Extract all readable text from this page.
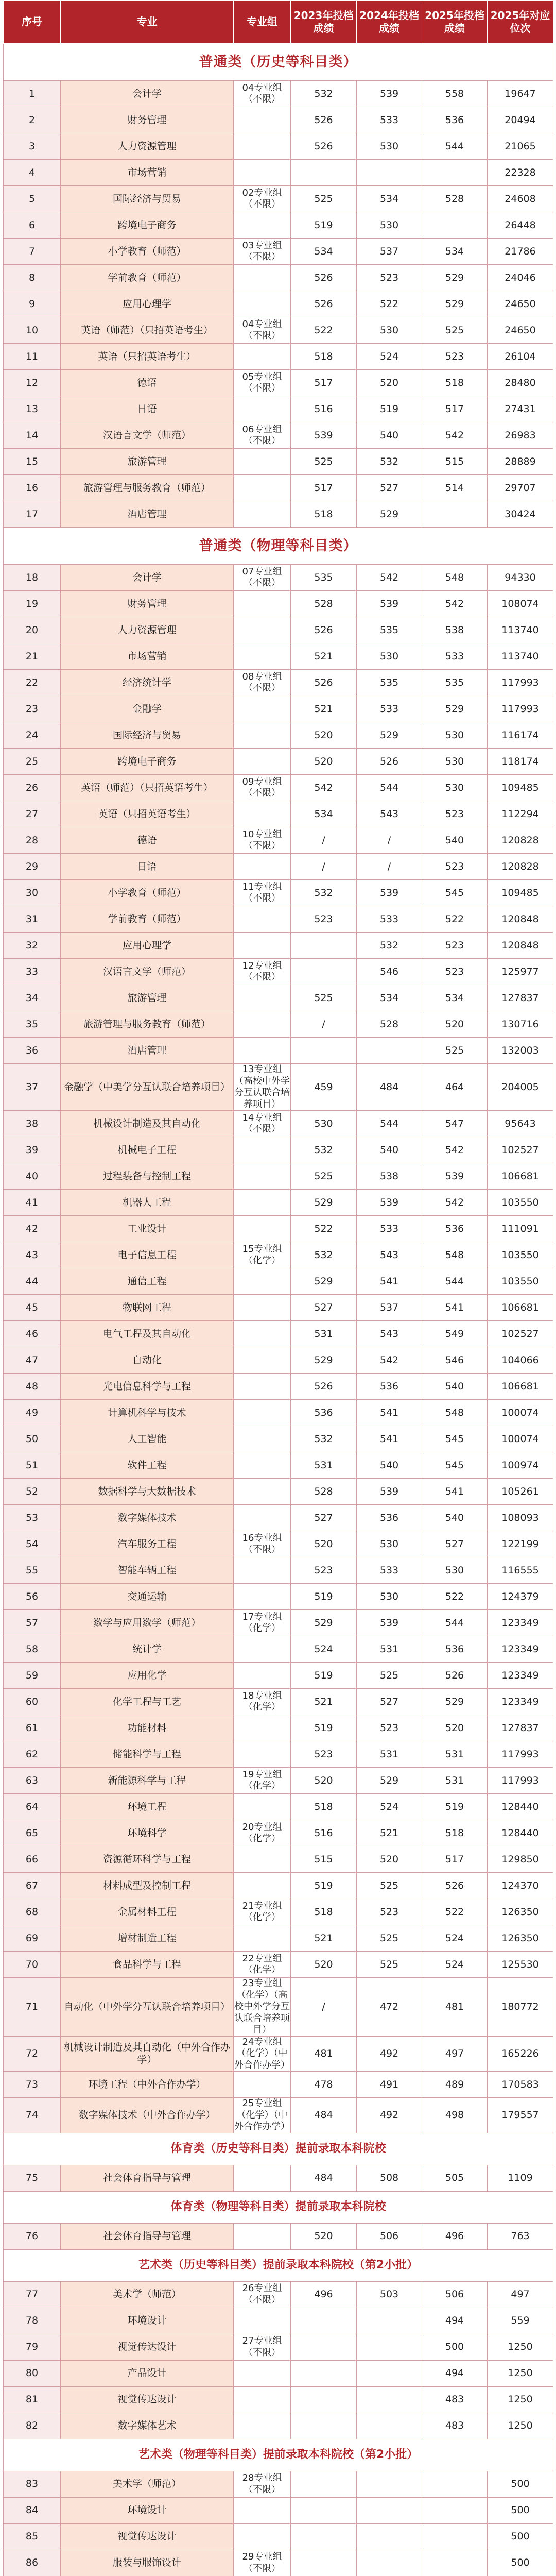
序号	专业	专业组	2023年投档成绩	2024年投档成绩	2025年投档成绩	2025年对应位次
普通类（历史等科目类）						
1	会计学	04专业组（不限）	532	539	558	19647
2	财务管理		526	533	536	20494
3	人力资源管理		526	530	544	21065
4	市场营销					22328
5	国际经济与贸易	02专业组（不限）	525	534	528	24608
6	跨境电子商务		519	530		26448
7	小学教育（师范）	03专业组（不限）	534	537	534	21786
8	学前教育（师范）		526	523	529	24046
9	应用心理学		526	522	529	24650
10	英语（师范）（只招英语考生）	04专业组（不限）	522	530	525	24650
11	英语（只招英语考生）		518	524	523	26104
12	德语	05专业组（不限）	517	520	518	28480
13	日语		516	519	517	27431
14	汉语言文学（师范）	06专业组（不限）	539	540	542	26983
15	旅游管理		525	532	515	28889
16	旅游管理与服务教育（师范）		517	527	514	29707
17	酒店管理		518	529		30424
普通类（物理等科目类）						
18	会计学	07专业组（不限）	535	542	548	94330
19	财务管理		528	539	542	108074
20	人力资源管理		526	535	538	113740
21	市场营销		521	530	533	113740
22	经济统计学	08专业组（不限）	526	535	535	117993
23	金融学		521	533	529	117993
24	国际经济与贸易		520	529	530	116174
25	跨境电子商务		520	526	530	118174
26	英语（师范）（只招英语考生）	09专业组（不限）	542	544	530	109485
27	英语（只招英语考生）		534	543	523	112294
28	德语	10专业组（不限）	/	/	540	120828
29	日语		/	/	523	120828
30	小学教育（师范）	11专业组（不限）	532	539	545	109485
31	学前教育（师范）		523	533	522	120848
32	应用心理学			532	523	120848
33	汉语言文学（师范）	12专业组（不限）		546	523	125977
34	旅游管理		525	534	534	127837
35	旅游管理与服务教育（师范）		/	528	520	130716
36	酒店管理				525	132003
37	金融学（中美学分互认联合培养项目）	13专业组（高校中外学分互认联合培养项目）	459	484	464	204005
38	机械设计制造及其自动化	14专业组（不限）	530	544	547	95643
39	机械电子工程		532	540	542	102527
40	过程装备与控制工程		525	538	539	106681
41	机器人工程		529	539	542	103550
42	工业设计		522	533	536	111091
43	电子信息工程	15专业组（化学）	532	543	548	103550
44	通信工程		529	541	544	103550
45	物联网工程		527	537	541	106681
46	电气工程及其自动化		531	543	549	102527
47	自动化		529	542	546	104066
48	光电信息科学与工程		526	536	540	106681
49	计算机科学与技术		536	541	548	100074
50	人工智能		532	541	545	100074
51	软件工程		531	540	545	100974
52	数据科学与大数据技术		528	539	541	105261
53	数字媒体技术		527	536	540	108093
54	汽车服务工程	16专业组（不限）	520	530	527	122199
55	智能车辆工程		523	533	530	116555
56	交通运输		519	530	522	124379
57	数学与应用数学（师范）	17专业组（化学）	529	539	544	123349
58	统计学		524	531	536	123349
59	应用化学		519	525	526	123349
60	化学工程与工艺	18专业组（化学）	521	527	529	123349
61	功能材料		519	523	520	127837
62	储能科学与工程		523	531	531	117993
63	新能源科学与工程	19专业组（化学）	520	529	531	117993
64	环境工程		518	524	519	128440
65	环境科学	20专业组（化学）	516	521	518	128440
66	资源循环科学与工程		515	520	517	129850
67	材料成型及控制工程		519	525	526	124370
68	金属材料工程	21专业组（化学）	518	523	522	126350
69	增材制造工程		521	525	524	126350
70	食品科学与工程	22专业组（化学）	520	525	524	125530
71	自动化（中外学分互认联合培养项目）	23专业组（化学）（高校中外学分互认联合培养项目）	/	472	481	180772
72	机械设计制造及其自动化（中外合作办学）	24专业组（化学）（中外合作办学）	481	492	497	165226
73	环境工程（中外合作办学）		478	491	489	170583
74	数字媒体技术（中外合作办学）	25专业组（化学）（中外合作办学）	484	492	498	179557
体育类（历史等科目类）提前录取本科院校						
75	社会体育指导与管理		484	508	505	1109
体育类（物理等科目类）提前录取本科院校						
76	社会体育指导与管理		520	506	496	763
艺术类（历史等科目类）提前录取本科院校（第2小批）						
77	美术学（师范）	26专业组（不限）	496	503	506	497
78	环境设计				494	559
79	视觉传达设计	27专业组（不限）			500	1250
80	产品设计				494	1250
81	视觉传达设计				483	1250
82	数字媒体艺术				483	1250
艺术类（物理等科目类）提前录取本科院校（第2小批）						
83	美术学（师范）	28专业组（不限）				500
84	环境设计					500
85	视觉传达设计					500
86	服装与服饰设计	29专业组（不限）				500
